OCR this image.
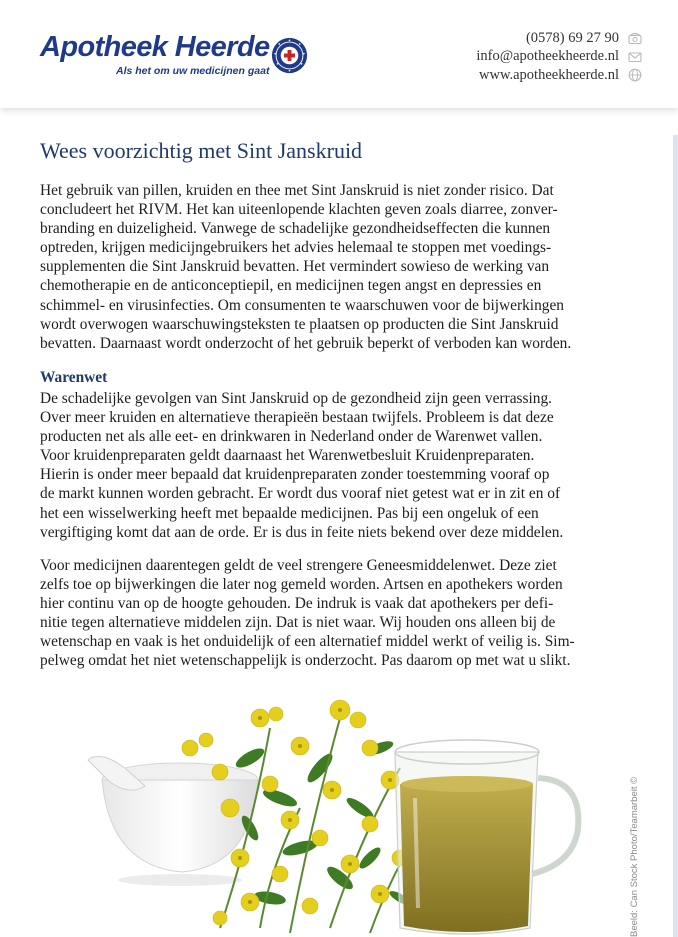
Apotheek Heerde
Als het om uw medicijnen gaat
(0578) 69 27 90
info@apotheekheerde.nl
www.apotheekheerde.nl
Wees voorzichtig met Sint Janskruid
Het gebruik van pillen, kruiden en thee met Sint Janskruid is niet zonder risico. Dat
concludeert het RIVM. Het kan uiteenlopende klachten geven zoals diarree, zonver-
branding en duizeligheid. Vanwege de schadelijke gezondheidseffecten die kunnen
optreden, krijgen medicijngebruikers het advies helemaal te stoppen met voedings-
supplementen die Sint Janskruid bevatten. Het vermindert sowieso de werking van
chemotherapie en de anticonceptiepil, en medicijnen tegen angst en depressies en
schimmel- en virusinfecties. Om consumenten te waarschuwen voor de bijwerkingen
wordt overwogen waarschuwingsteksten te plaatsen op producten die Sint Janskruid
bevatten. Daarnaast wordt onderzocht of het gebruik beperkt of verboden kan worden.
Warenwet
De schadelijke gevolgen van Sint Janskruid op de gezondheid zijn geen verrassing.
Over meer kruiden en alternatieve therapieën bestaan twijfels. Probleem is dat deze
producten net als alle eet- en drinkwaren in Nederland onder de Warenwet vallen.
Voor kruidenpreparaten geldt daarnaast het Warenwetbesluit Kruidenpreparaten.
Hierin is onder meer bepaald dat kruidenpreparaten zonder toestemming vooraf op
de markt kunnen worden gebracht. Er wordt dus vooraf niet getest wat er in zit en of
het een wisselwerking heeft met bepaalde medicijnen. Pas bij een ongeluk of een
vergiftiging komt dat aan de orde. Er is dus in feite niets bekend over deze middelen.
Voor medicijnen daarentegen geldt de veel strengere Geneesmiddelenwet. Deze ziet
zelfs toe op bijwerkingen die later nog gemeld worden. Artsen en apothekers worden
hier continu van op de hoogte gehouden. De indruk is vaak dat apothekers per defi-
nitie tegen alternatieve middelen zijn. Dat is niet waar. Wij houden ons alleen bij de
wetenschap en vaak is het onduidelijk of een alternatief middel werkt of veilig is. Sim-
pelweg omdat het niet wetenschappelijk is onderzocht. Pas daarom op met wat u slikt.
Beeld: Can Stock Photo/Teamarbeit ©
